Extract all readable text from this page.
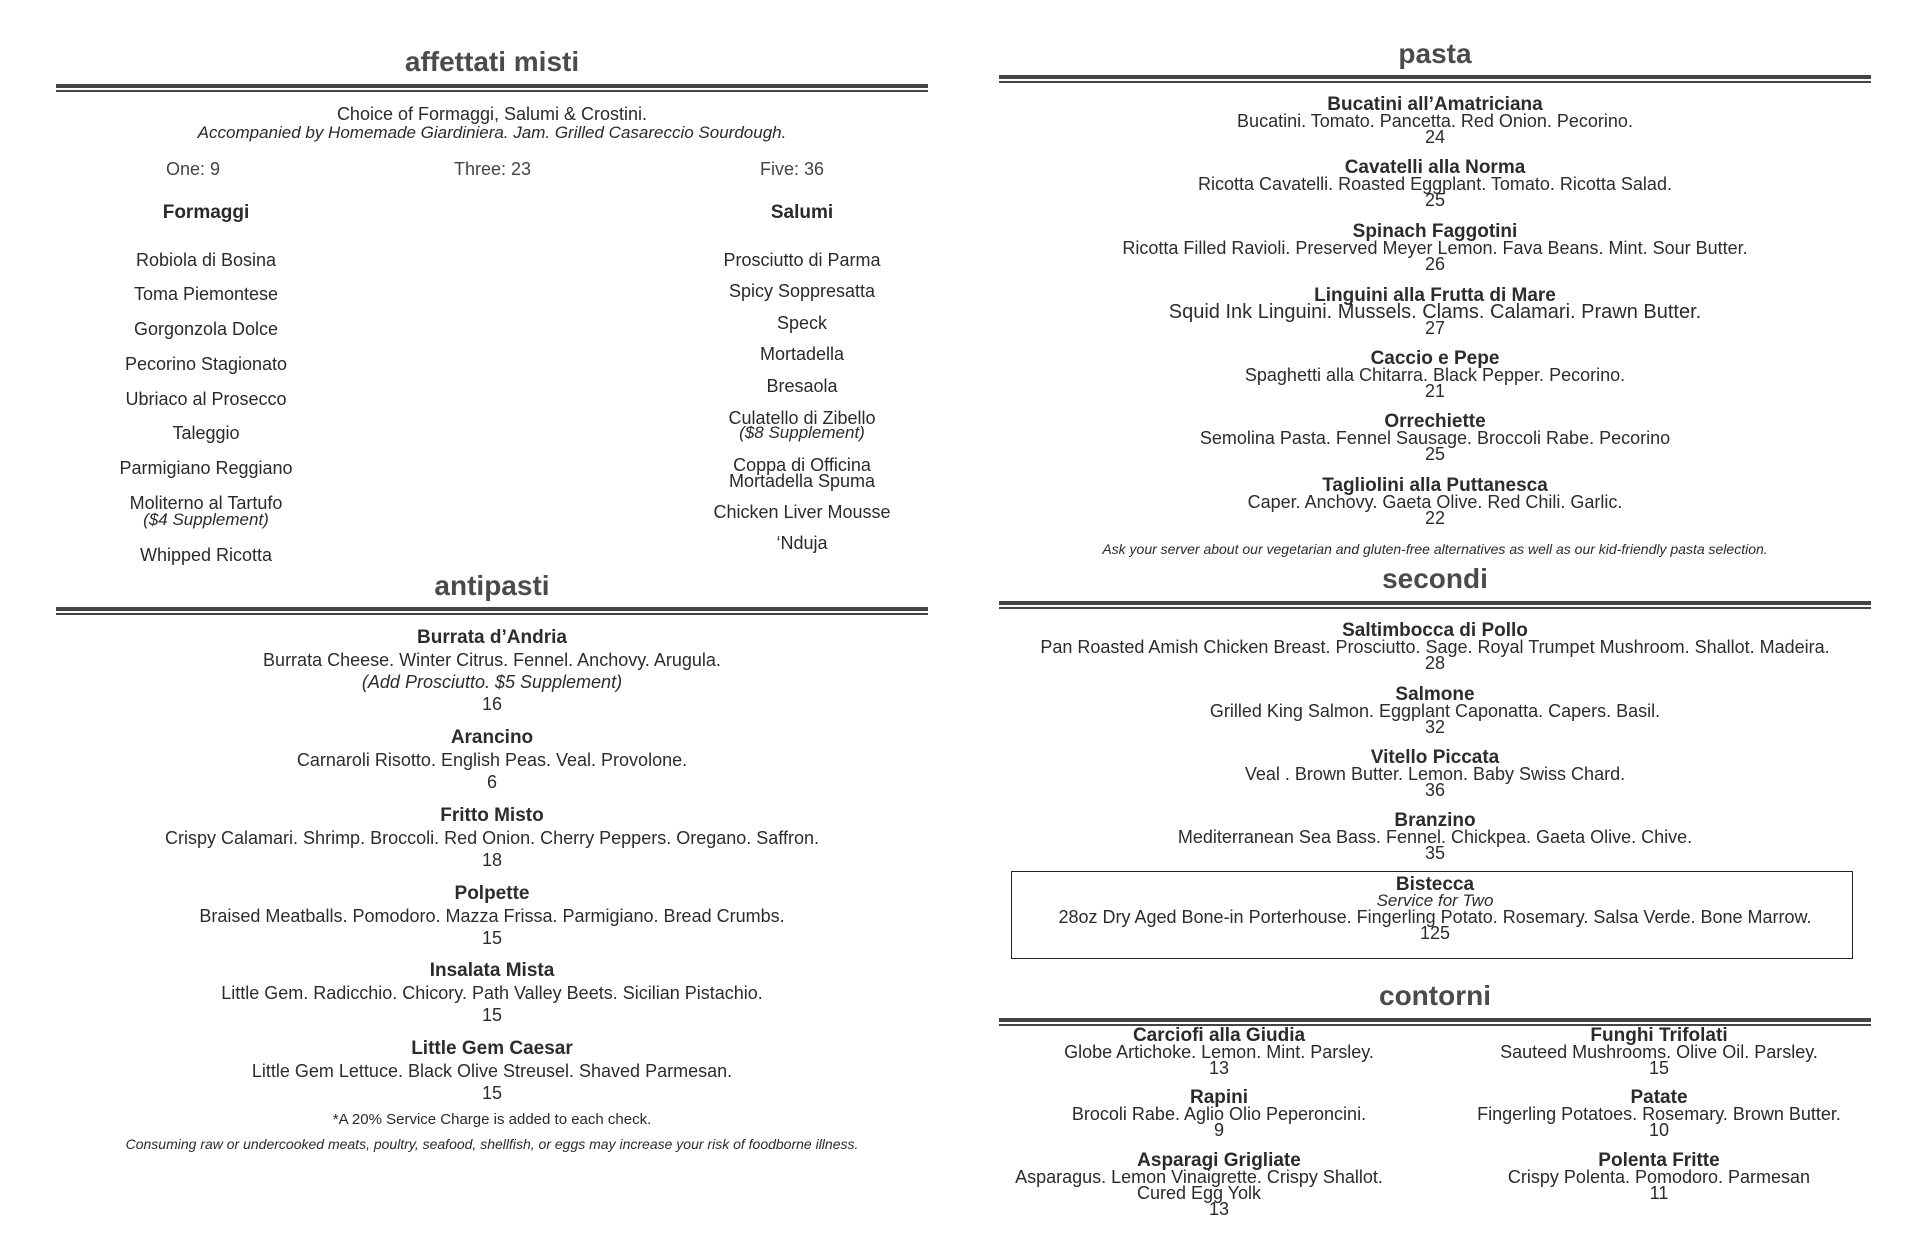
affettati misti
Choice of Formaggi, Salumi & Crostini.
Accompanied by Homemade Giardiniera. Jam. Grilled Casareccio Sourdough.
One: 9	Three: 23	Five: 36
Formaggi
Robiola di Bosina
Toma Piemontese
Gorgonzola Dolce
Pecorino Stagionato
Ubriaco al Prosecco
Taleggio
Parmigiano Reggiano
Moliterno al Tartufo
($4 Supplement)
Whipped Ricotta
Salumi
Prosciutto di Parma
Spicy Soppresatta
Speck
Mortadella
Bresaola
Culatello di Zibello
($8 Supplement)
Coppa di Officina
Mortadella Spuma
Chicken Liver Mousse
‘Nduja
antipasti
Burrata d’Andria
Burrata Cheese. Winter Citrus. Fennel. Anchovy. Arugula.
(Add Prosciutto. $5 Supplement)
16
Arancino
Carnaroli Risotto. English Peas. Veal. Provolone.
6
Fritto Misto
Crispy Calamari. Shrimp. Broccoli. Red Onion. Cherry Peppers. Oregano. Saffron.
18
Polpette
Braised Meatballs. Pomodoro. Mazza Frissa. Parmigiano. Bread Crumbs.
15
Insalata Mista
Little Gem. Radicchio. Chicory. Path Valley Beets. Sicilian Pistachio.
15
Little Gem Caesar
Little Gem Lettuce. Black Olive Streusel. Shaved Parmesan.
15
*A 20% Service Charge is added to each check.
Consuming raw or undercooked meats, poultry, seafood, shellfish, or eggs may increase your risk of foodborne illness.
pasta
Bucatini all’Amatriciana
Bucatini. Tomato. Pancetta. Red Onion. Pecorino.
24
Cavatelli alla Norma
Ricotta Cavatelli. Roasted Eggplant. Tomato. Ricotta Salad.
25
Spinach Faggotini
Ricotta Filled Ravioli. Preserved Meyer Lemon. Fava Beans. Mint. Sour Butter.
26
Linguini alla Frutta di Mare
Squid Ink Linguini. Mussels. Clams. Calamari. Prawn Butter.
27
Caccio e Pepe
Spaghetti alla Chitarra. Black Pepper. Pecorino.
21
Orrechiette
Semolina Pasta. Fennel Sausage. Broccoli Rabe. Pecorino
25
Tagliolini alla Puttanesca
Caper. Anchovy. Gaeta Olive. Red Chili. Garlic.
22
Ask your server about our vegetarian and gluten-free alternatives as well as our kid-friendly pasta selection.
secondi
Saltimbocca di Pollo
Pan Roasted Amish Chicken Breast. Prosciutto. Sage. Royal Trumpet Mushroom. Shallot. Madeira.
28
Salmone
Grilled King Salmon. Eggplant Caponatta. Capers. Basil.
32
Vitello Piccata
Veal . Brown Butter. Lemon. Baby Swiss Chard.
36
Branzino
Mediterranean Sea Bass. Fennel. Chickpea. Gaeta Olive. Chive.
35
Bistecca
Service for Two
28oz Dry Aged Bone-in Porterhouse. Fingerling Potato. Rosemary. Salsa Verde. Bone Marrow.
125
contorni
Carciofi alla Giudia
Globe Artichoke. Lemon. Mint. Parsley.
13
Rapini
Brocoli Rabe. Aglio Olio Peperoncini.
9
Asparagi Grigliate
Asparagus. Lemon Vinaigrette. Crispy Shallot. Cured Egg Yolk
13
Funghi Trifolati
Sauteed Mushrooms. Olive Oil. Parsley.
15
Patate
Fingerling Potatoes. Rosemary. Brown Butter.
10
Polenta Fritte
Crispy Polenta. Pomodoro. Parmesan
11
